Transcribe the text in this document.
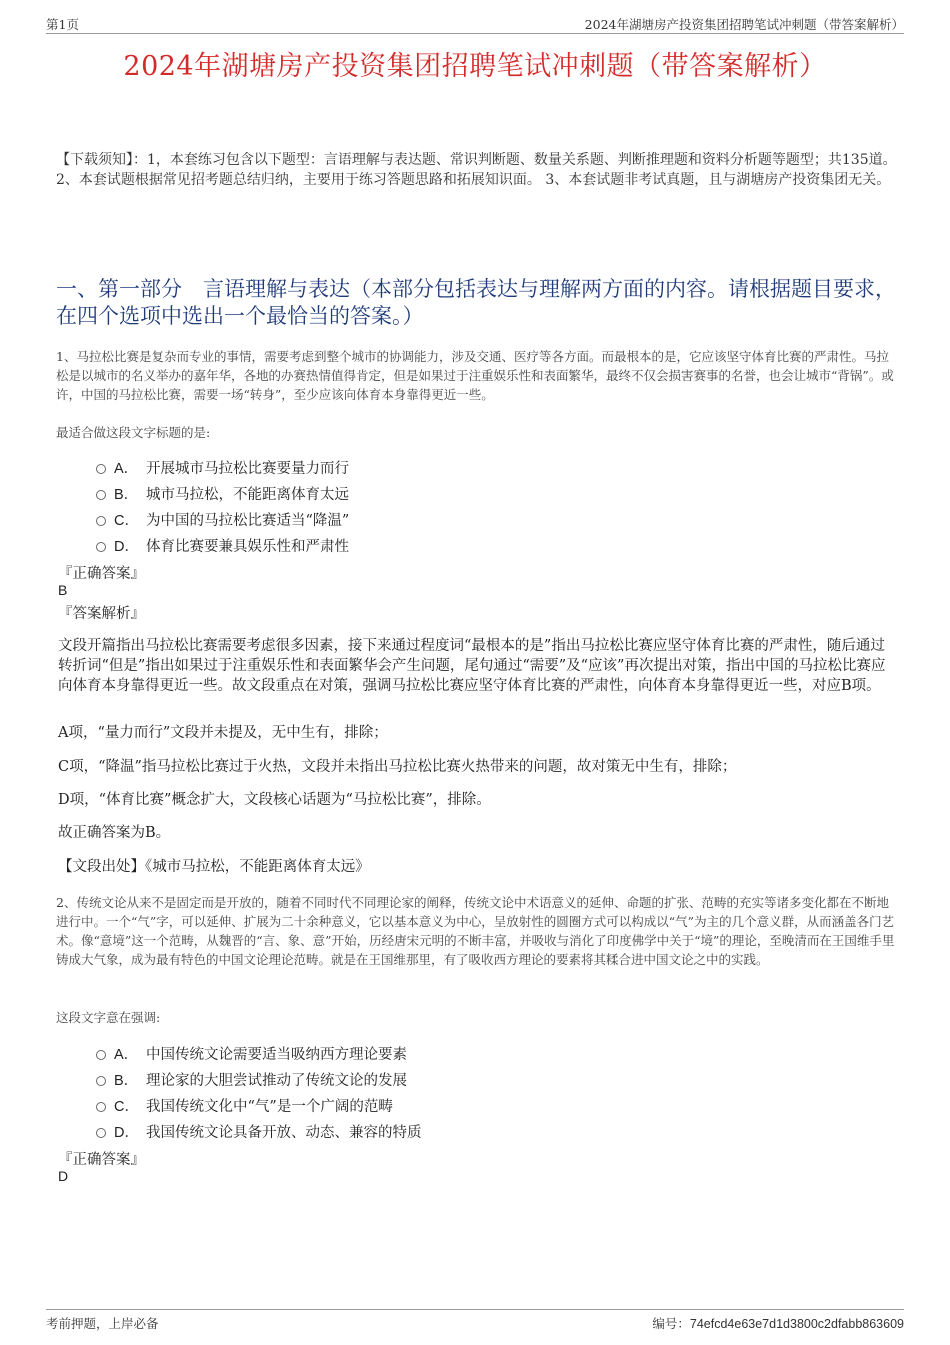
第1页	2024年湖塘房产投资集团招聘笔试冲刺题（带答案解析）
2024年湖塘房产投资集团招聘笔试冲刺题（带答案解析）
【下载须知】：1，本套练习包含以下题型：言语理解与表达题、常识判断题、数量关系题、判断推理题和资料分析题等题型；共135道。 2、本套试题根据常见招考题总结归纳，主要用于练习答题思路和拓展知识面。 3、本套试题非考试真题，且与湖塘房产投资集团无关。
一、第一部分　言语理解与表达（本部分包括表达与理解两方面的内容。请根据题目要求，在四个选项中选出一个最恰当的答案。）
1、马拉松比赛是复杂而专业的事情，需要考虑到整个城市的协调能力，涉及交通、医疗等各方面。而最根本的是，它应该坚守体育比赛的严肃性。马拉松是以城市的名义举办的嘉年华，各地的办赛热情值得肯定，但是如果过于注重娱乐性和表面繁华，最终不仅会损害赛事的名誉，也会让城市“背锅”。或许，中国的马拉松比赛，需要一场“转身”，至少应该向体育本身靠得更近一些。
最适合做这段文字标题的是:
A． 开展城市马拉松比赛要量力而行
B． 城市马拉松，不能距离体育太远
C． 为中国的马拉松比赛适当“降温”
D． 体育比赛要兼具娱乐性和严肃性
『正确答案』
B
『答案解析』
文段开篇指出马拉松比赛需要考虑很多因素，接下来通过程度词“最根本的是”指出马拉松比赛应坚守体育比赛的严肃性，随后通过转折词“但是”指出如果过于注重娱乐性和表面繁华会产生问题，尾句通过“需要”及“应该”再次提出对策，指出中国的马拉松比赛应向体育本身靠得更近一些。故文段重点在对策，强调马拉松比赛应坚守体育比赛的严肃性，向体育本身靠得更近一些，对应B项。
A项，“量力而行”文段并未提及，无中生有，排除；
C项，“降温”指马拉松比赛过于火热，文段并未指出马拉松比赛火热带来的问题，故对策无中生有，排除；
D项，“体育比赛”概念扩大，文段核心话题为“马拉松比赛”，排除。
故正确答案为B。
【文段出处】《城市马拉松，不能距离体育太远》
2、传统文论从来不是固定而是开放的，随着不同时代不同理论家的阐释，传统文论中术语意义的延伸、命题的扩张、范畴的充实等诸多变化都在不断地进行中。一个“气”字，可以延伸、扩展为二十余种意义，它以基本意义为中心，呈放射性的圆圈方式可以构成以“气”为主的几个意义群，从而涵盖各门艺术。像“意境”这一个范畴，从魏晋的“言、象、意”开始，历经唐宋元明的不断丰富，并吸收与消化了印度佛学中关于“境”的理论，至晚清而在王国维手里铸成大气象，成为最有特色的中国文论理论范畴。就是在王国维那里，有了吸收西方理论的要素将其糅合进中国文论之中的实践。
这段文字意在强调:
A． 中国传统文论需要适当吸纳西方理论要素
B． 理论家的大胆尝试推动了传统文论的发展
C． 我国传统文化中“气”是一个广阔的范畴
D． 我国传统文论具备开放、动态、兼容的特质
『正确答案』
D
考前押题，上岸必备	编号：74efcd4e63e7d1d3800c2dfabb863609
